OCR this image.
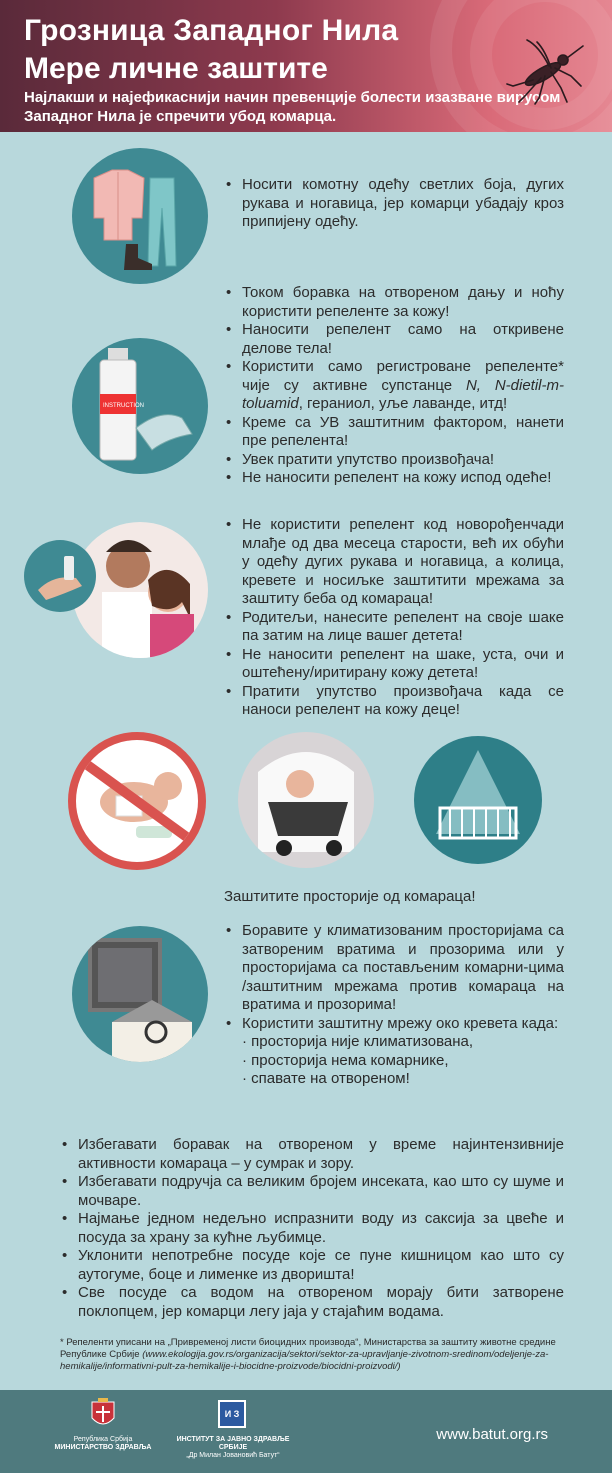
Грозница Западног Нила
Мере личне заштите
Најлакши и најефикаснији начин превенције болести изазване вирусом Западног Нила је спречити убод комарца.
• Носити комотну одећу светлих боја, дугих рукава и ногавица, јер комарци убадају кроз припијену одећу.
INSTRUCTION
• Током боравка на отвореном дању и ноћу користити репеленте за кожу!
• Наносити репелент само на откривене делове тела!
• Користити само регистроване репеленте* чије су активне супстанце N, N-dietil-m-toluamid, гераниол, уље лаванде, итд!
• Креме са УВ заштитним фактором, нанети пре репелента!
• Увек пратити упутство произвођача!
• Не наносити репелент на кожу испод одеће!
• Не користити репелент код новорођенчади млађе од два месеца старости, већ их обући у одећу дугих рукава и ногавица, а колица, креветe и носиљке заштитити мрежама за заштиту беба од комараца!
• Родитељи, нанесите репелент на своје шаке па затим на лице вашег детета!
• Не наносити репелент на шаке, уста, очи и оштећену/иритирану кожу детета!
• Пратити упутство произвођача када се наноси репелент на кожу деце!
Заштитите просторије од комараца!
• Боравите у климатизованим просторијама са затвореним вратима и прозорима или у просторијама са постављеним комарни-цима /заштитним мрежама против комараца на вратима и прозорима!
• Користити заштитну мрежу око кревета када:
· просторија није климатизована,
· просторија нема комарнике,
· спавате на отвореном!
• Избегавати боравак на отвореном у време најинтензивније активности комараца – у сумрак и зору.
• Избегавати подручја са великим бројем инсеката, као што су шуме и мочваре.
• Најмање једном недељно испразнити воду из саксија за цвеће и посуда за храну за кућне љубимце.
• Уклонити непотребне посуде које се пуне кишницом као што су аутогуме, боце и лименке из дворишта!
• Све посуде са водом на отвореном морају бити затворене поклопцем, јер комарци легу јаја у стајаћим водама.
* Репеленти уписани на „Привременој листи биоцидних производа“, Министарства за заштиту животне средине Републике Србије (www.ekologija.gov.rs/organizacija/sektori/sektor-za-upravljanje-zivotnom-sredinom/odeljenje-za-hemikalije/informativni-pult-za-hemikalije-i-biocidne-proizvode/biocidni-proizvodi/)
Република Србија
МИНИСТАРСТВО ЗДРАВЉА
И З
ИНСТИТУТ ЗА ЈАВНО ЗДРАВЉЕ СРБИЈЕ
„Др Милан Јовановић Батут“
www.batut.org.rs
